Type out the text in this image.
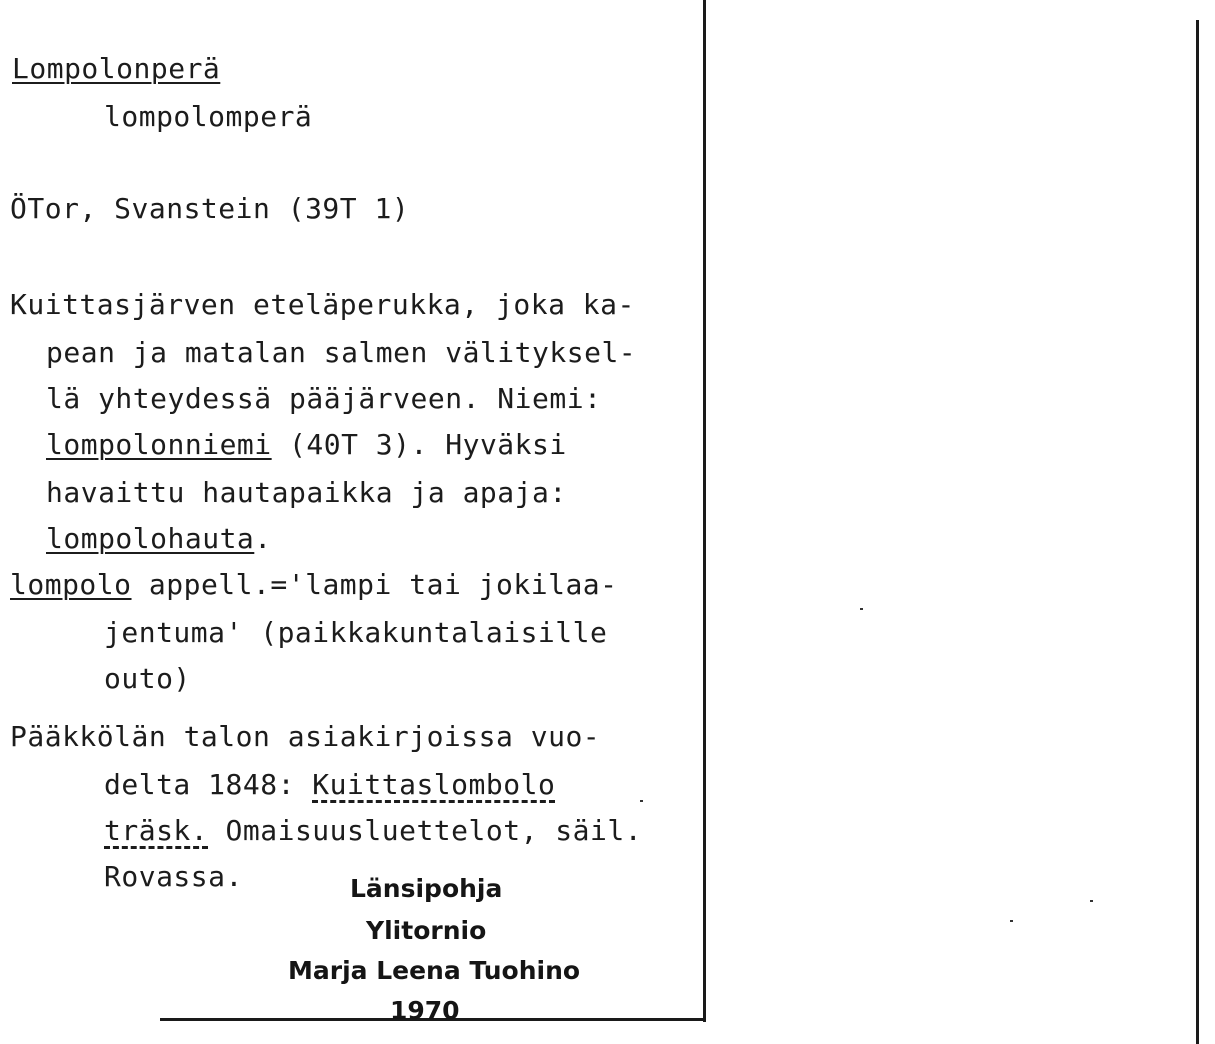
Lompolonperä
lompolomperä
ÖTor, Svanstein (39T 1)
Kuittasjärven eteläperukka, joka ka-
pean ja matalan salmen välityksel-
lä yhteydessä pääjärveen. Niemi:
lompolonniemi (40T 3). Hyväksi
havaittu hautapaikka ja apaja:
lompolohauta.
lompolo appell.='lampi tai jokilaa-
jentuma' (paikkakuntalaisille
outo)
Pääkkölän talon asiakirjoissa vuo-
delta 1848: Kuittaslombolo
träsk. Omaisuusluettelot, säil.
Rovassa.	Länsipohja
Ylitornio
Marja Leena Tuohino
1970
